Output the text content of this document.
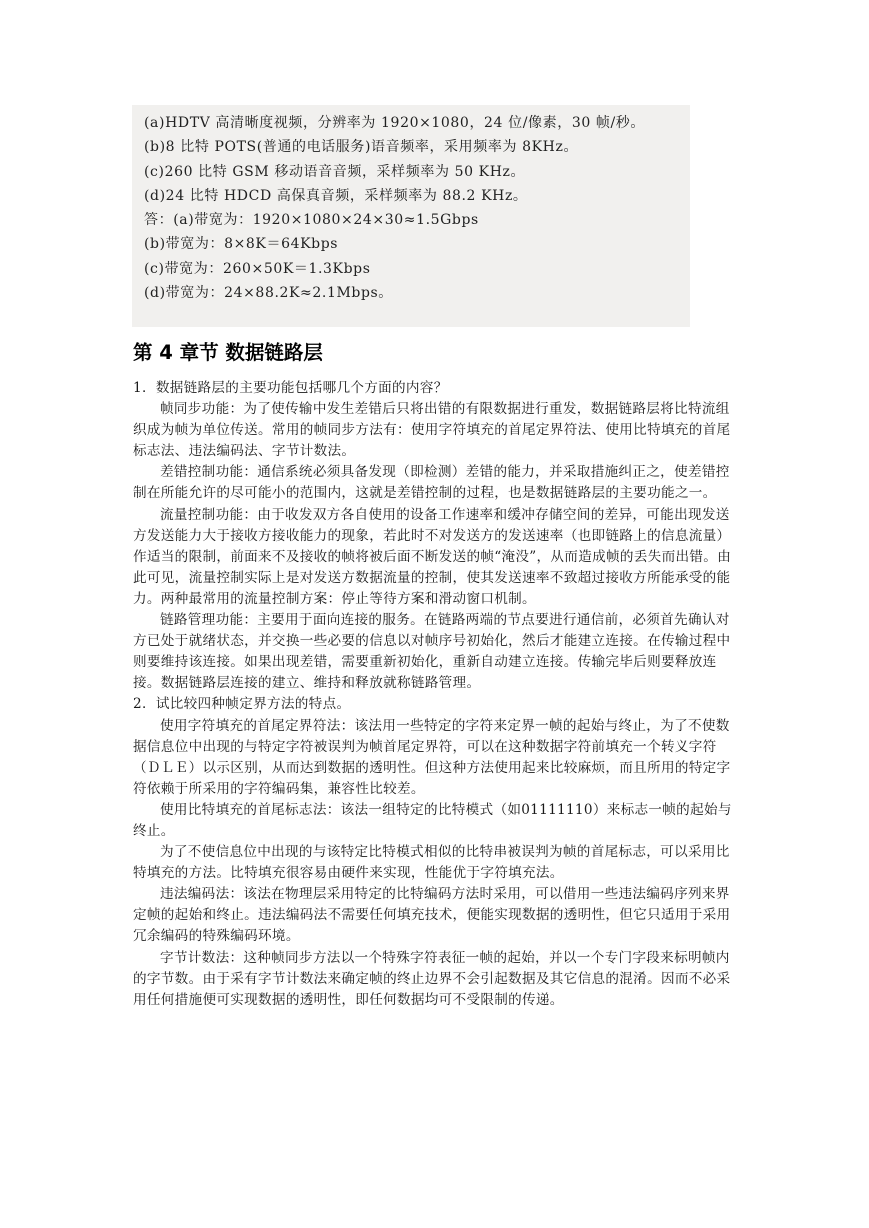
(a)HDTV 高清晰度视频，分辨率为 1920×1080，24 位/像素，30 帧/秒。
(b)8 比特 POTS(普通的电话服务)语音频率，采用频率为 8KHz。
(c)260 比特 GSM 移动语音音频，采样频率为 50 KHz。
(d)24 比特 HDCD 高保真音频，采样频率为 88.2 KHz。
答：(a)带宽为：1920×1080×24×30≈1.5Gbps
(b)带宽为：8×8K＝64Kbps
(c)带宽为：260×50K＝1.3Kbps
(d)带宽为：24×88.2K≈2.1Mbps。
第 4 章节 数据链路层

1．数据链路层的主要功能包括哪几个方面的内容？

帧同步功能：为了使传输中发生差错后只将出错的有限数据进行重发，数据链路层将比特流组织成为帧为单位传送。常用的帧同步方法有：使用字符填充的首尾定界符法、使用比特填充的首尾标志法、违法编码法、字节计数法。

差错控制功能：通信系统必须具备发现（即检测）差错的能力，并采取措施纠正之，使差错控制在所能允许的尽可能小的范围内，这就是差错控制的过程，也是数据链路层的主要功能之一。

流量控制功能：由于收发双方各自使用的设备工作速率和缓冲存储空间的差异，可能出现发送方发送能力大于接收方接收能力的现象，若此时不对发送方的发送速率（也即链路上的信息流量）作适当的限制，前面来不及接收的帧将被后面不断发送的帧“淹没”，从而造成帧的丢失而出错。由此可见，流量控制实际上是对发送方数据流量的控制，使其发送速率不致超过接收方所能承受的能力。两种最常用的流量控制方案：停止等待方案和滑动窗口机制。

链路管理功能：主要用于面向连接的服务。在链路两端的节点要进行通信前，必须首先确认对方已处于就绪状态，并交换一些必要的信息以对帧序号初始化，然后才能建立连接。在传输过程中则要维持该连接。如果出现差错，需要重新初始化，重新自动建立连接。传输完毕后则要释放连接。数据链路层连接的建立、维持和释放就称链路管理。

2．试比较四种帧定界方法的特点。

使用字符填充的首尾定界符法：该法用一些特定的字符来定界一帧的起始与终止，为了不使数据信息位中出现的与特定字符被误判为帧首尾定界符，可以在这种数据字符前填充一个转义字符（ＤＬＥ）以示区别，从而达到数据的透明性。但这种方法使用起来比较麻烦，而且所用的特定字符依赖于所采用的字符编码集，兼容性比较差。

使用比特填充的首尾标志法：该法一组特定的比特模式（如01111110）来标志一帧的起始与终止。

为了不使信息位中出现的与该特定比特模式相似的比特串被误判为帧的首尾标志，可以采用比特填充的方法。比特填充很容易由硬件来实现，性能优于字符填充法。

违法编码法：该法在物理层采用特定的比特编码方法时采用，可以借用一些违法编码序列来界定帧的起始和终止。违法编码法不需要任何填充技术，便能实现数据的透明性，但它只适用于采用冗余编码的特殊编码环境。

字节计数法：这种帧同步方法以一个特殊字符表征一帧的起始，并以一个专门字段来标明帧内的字节数。由于采有字节计数法来确定帧的终止边界不会引起数据及其它信息的混淆。因而不必采用任何措施便可实现数据的透明性，即任何数据均可不受限制的传递。
